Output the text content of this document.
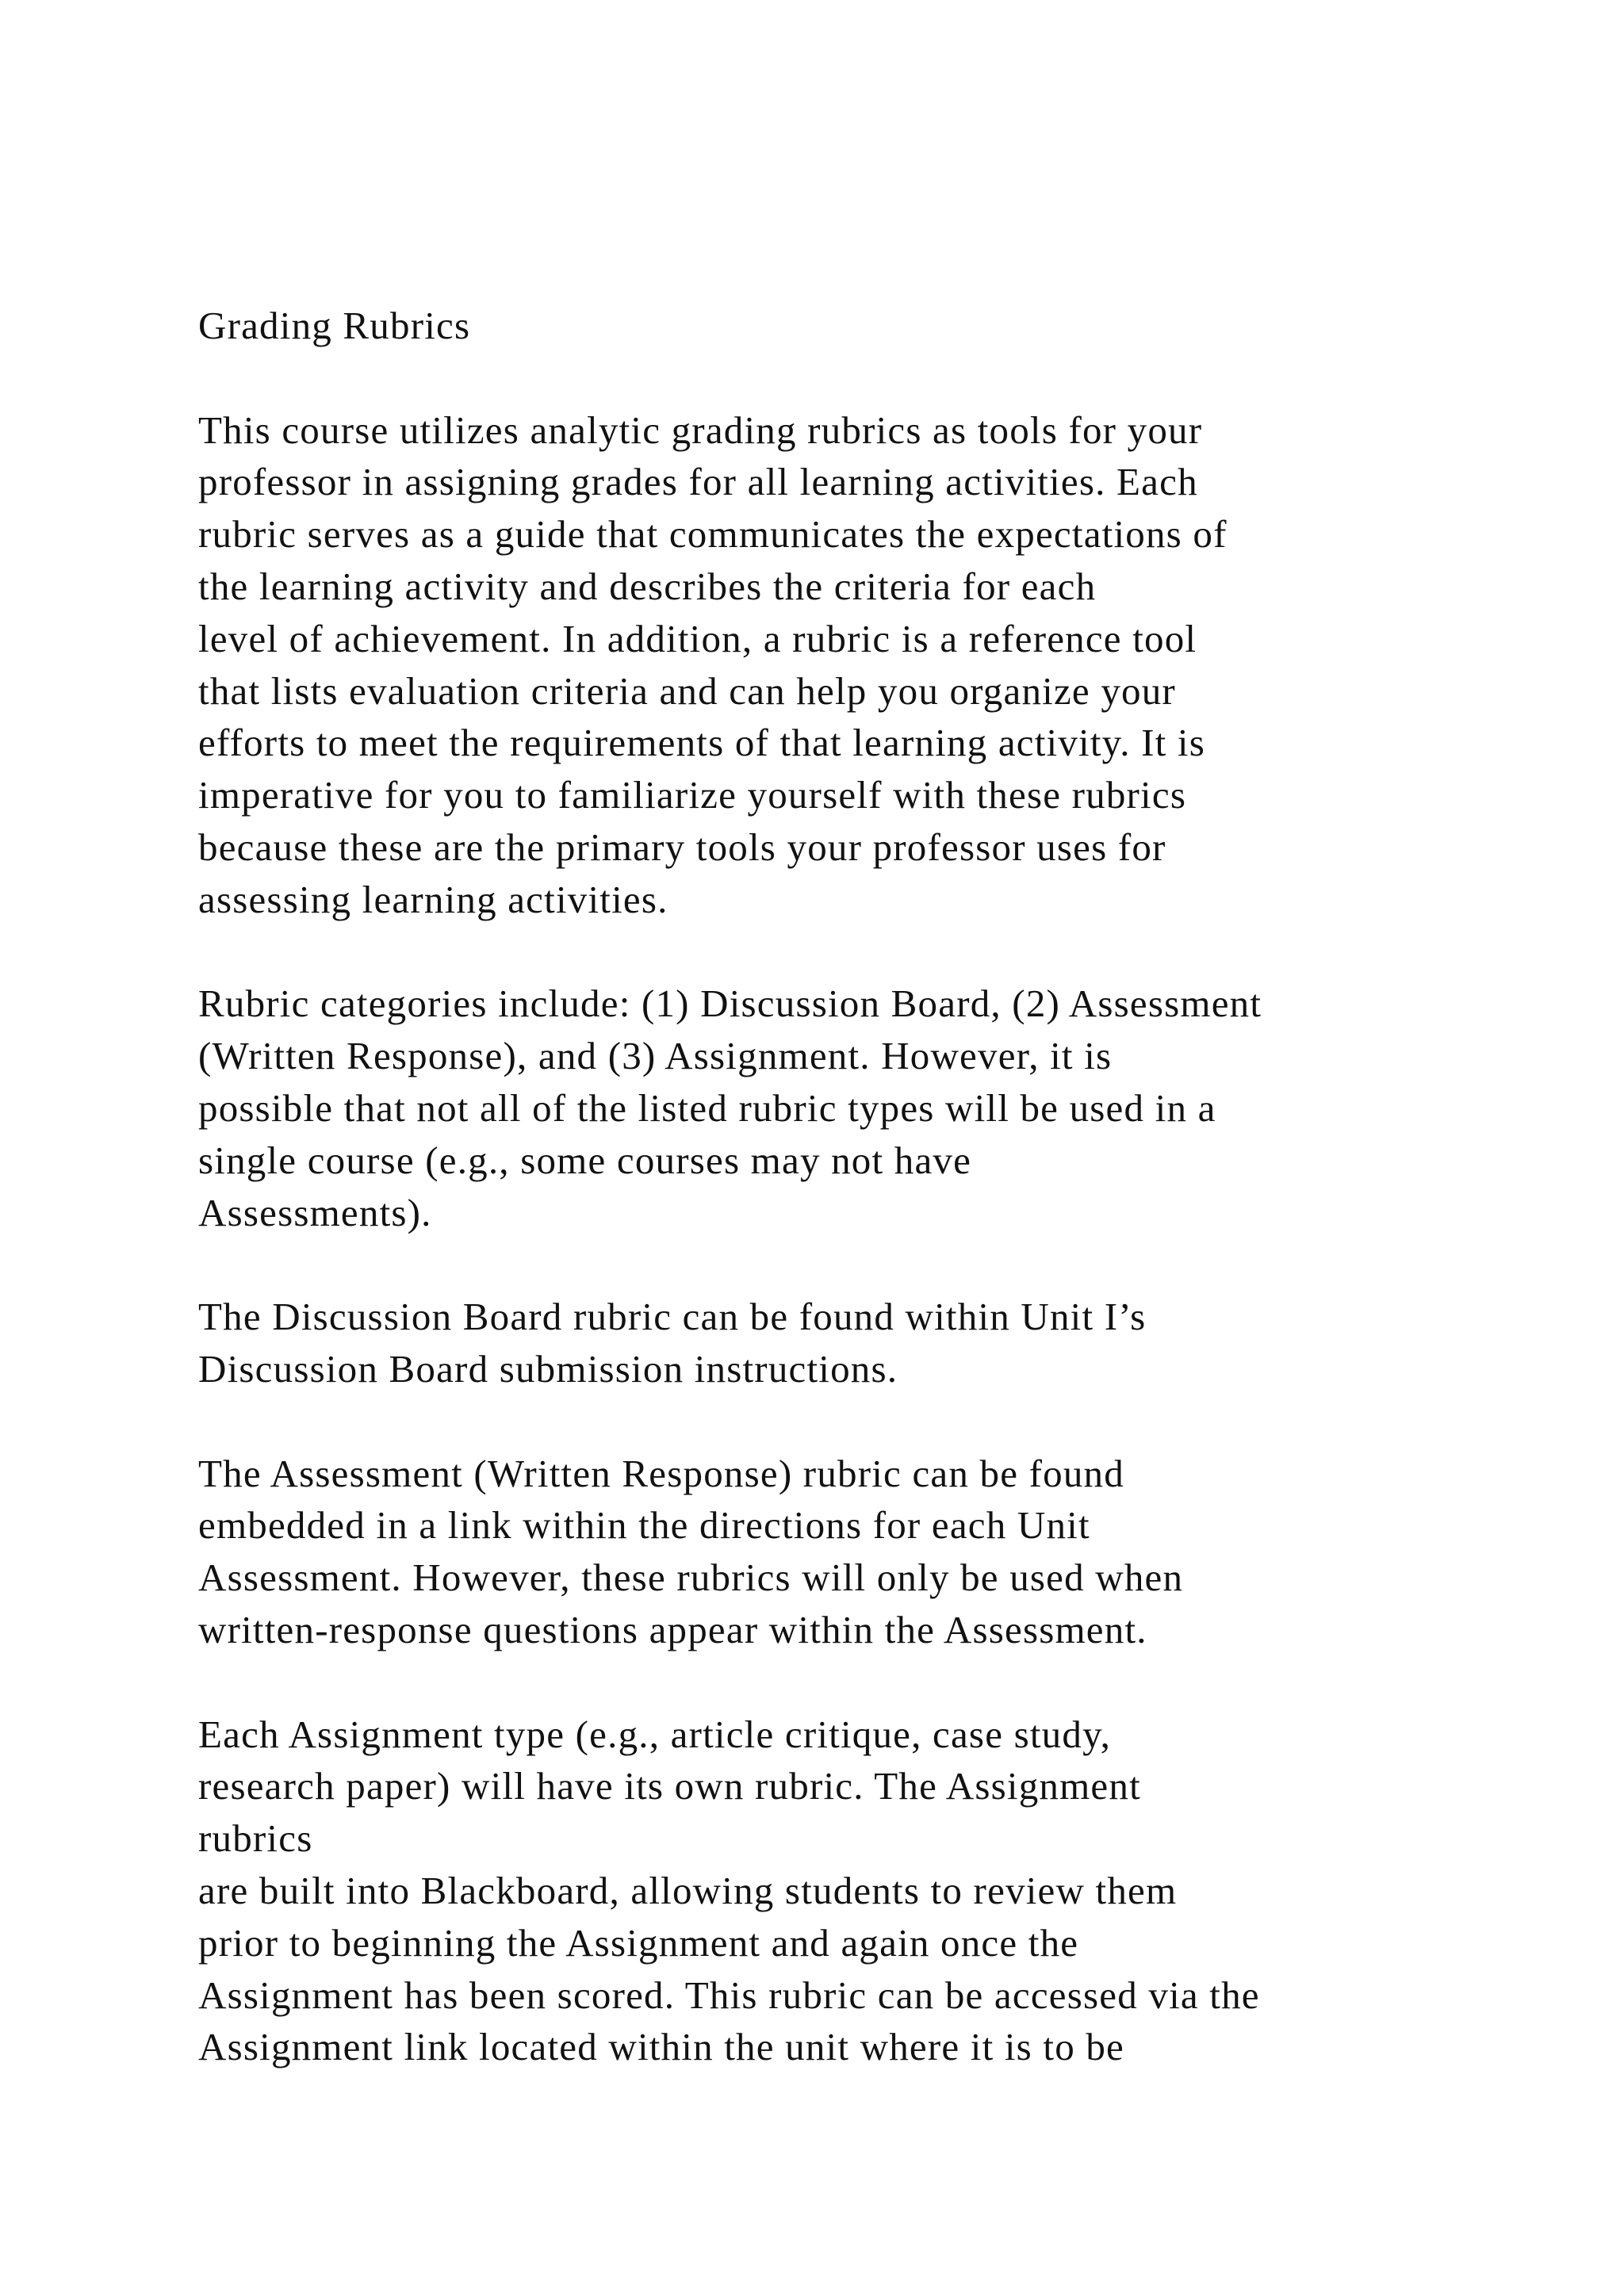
Grading Rubrics

This course utilizes analytic grading rubrics as tools for your
professor in assigning grades for all learning activities. Each
rubric serves as a guide that communicates the expectations of
the learning activity and describes the criteria for each
level of achievement. In addition, a rubric is a reference tool
that lists evaluation criteria and can help you organize your
efforts to meet the requirements of that learning activity. It is
imperative for you to familiarize yourself with these rubrics
because these are the primary tools your professor uses for
assessing learning activities.

Rubric categories include: (1) Discussion Board, (2) Assessment
(Written Response), and (3) Assignment. However, it is
possible that not all of the listed rubric types will be used in a
single course (e.g., some courses may not have
Assessments).

The Discussion Board rubric can be found within Unit I’s
Discussion Board submission instructions.

The Assessment (Written Response) rubric can be found
embedded in a link within the directions for each Unit
Assessment. However, these rubrics will only be used when
written-response questions appear within the Assessment.

Each Assignment type (e.g., article critique, case study,
research paper) will have its own rubric. The Assignment
rubrics
are built into Blackboard, allowing students to review them
prior to beginning the Assignment and again once the
Assignment has been scored. This rubric can be accessed via the
Assignment link located within the unit where it is to be
